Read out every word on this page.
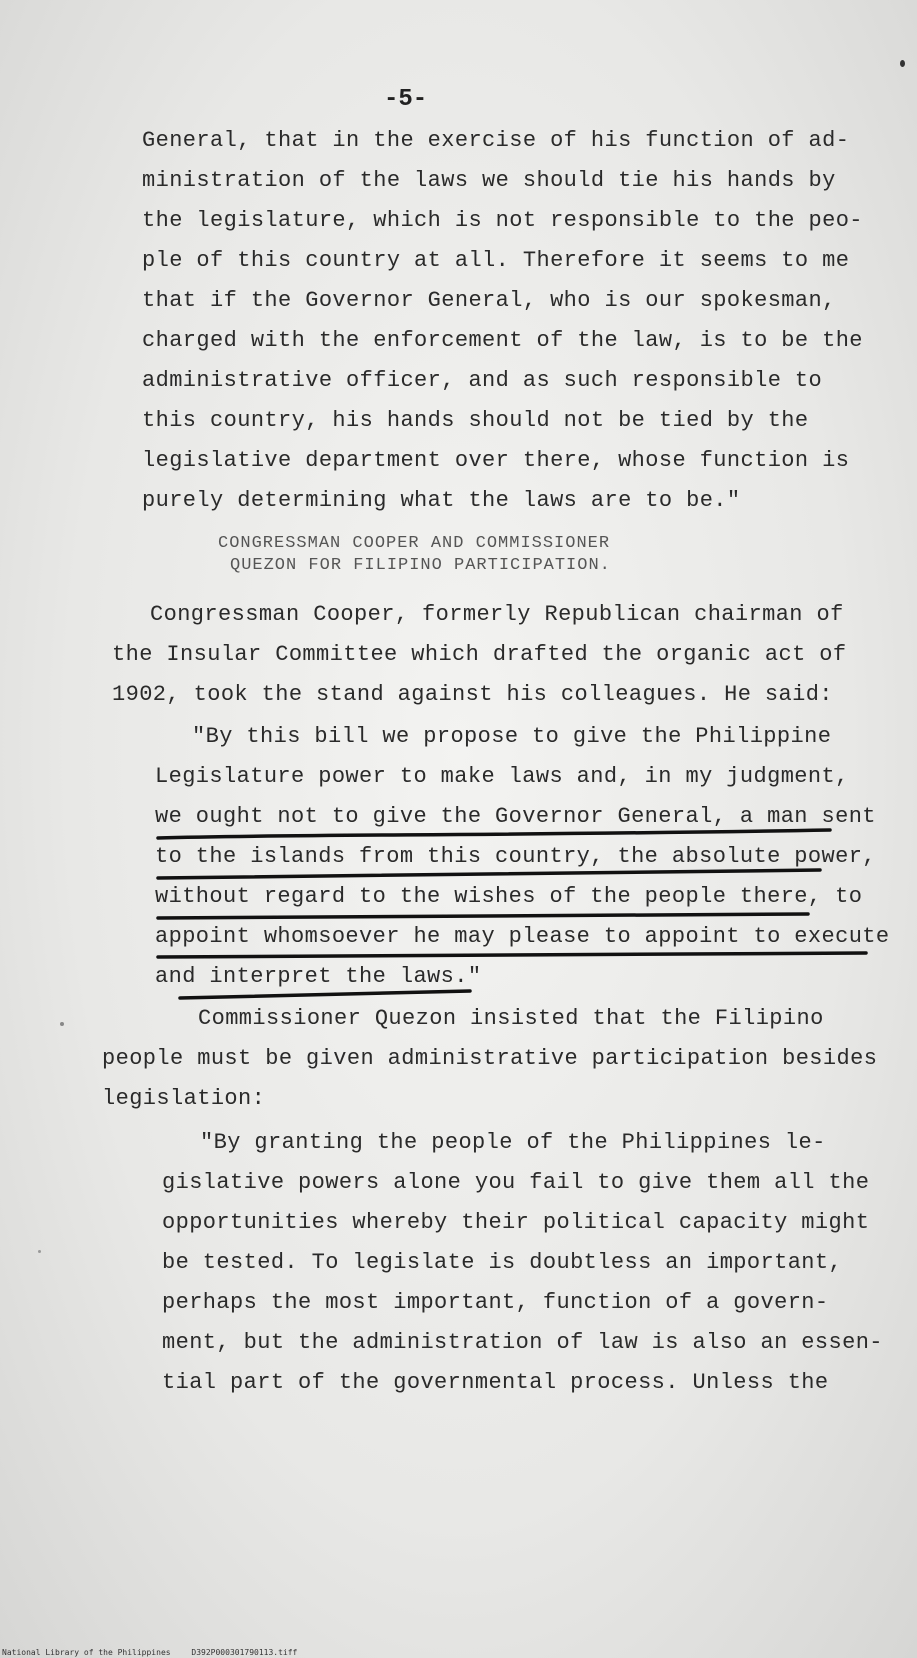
-5-
General, that in the exercise of his function of ad-
ministration of the laws we should tie his hands by
the legislature, which is not responsible to the peo-
ple of this country at all. Therefore it seems to me
that if the Governor General, who is our spokesman,
charged with the enforcement of the law, is to be the
administrative officer, and as such responsible to
this country, his hands should not be tied by the
legislative department over there, whose function is
purely determining what the laws are to be."
CONGRESSMAN COOPER AND COMMISSIONER
QUEZON FOR FILIPINO PARTICIPATION.
Congressman Cooper, formerly Republican chairman of
the Insular Committee which drafted the organic act of
1902, took the stand against his colleagues. He said:
"By this bill we propose to give the Philippine
Legislature power to make laws and, in my judgment,
we ought not to give the Governor General, a man sent
to the islands from this country, the absolute power,
without regard to the wishes of the people there, to
appoint whomsoever he may please to appoint to execute
and interpret the laws."
Commissioner Quezon insisted that the Filipino
people must be given administrative participation besides
legislation:
"By granting the people of the Philippines le-
gislative powers alone you fail to give them all the
opportunities whereby their political capacity might
be tested. To legislate is doubtless an important,
perhaps the most important, function of a govern-
ment, but the administration of law is also an essen-
tial part of the governmental process. Unless the
National Library of the Philippines	D392P000301790113.tiff
